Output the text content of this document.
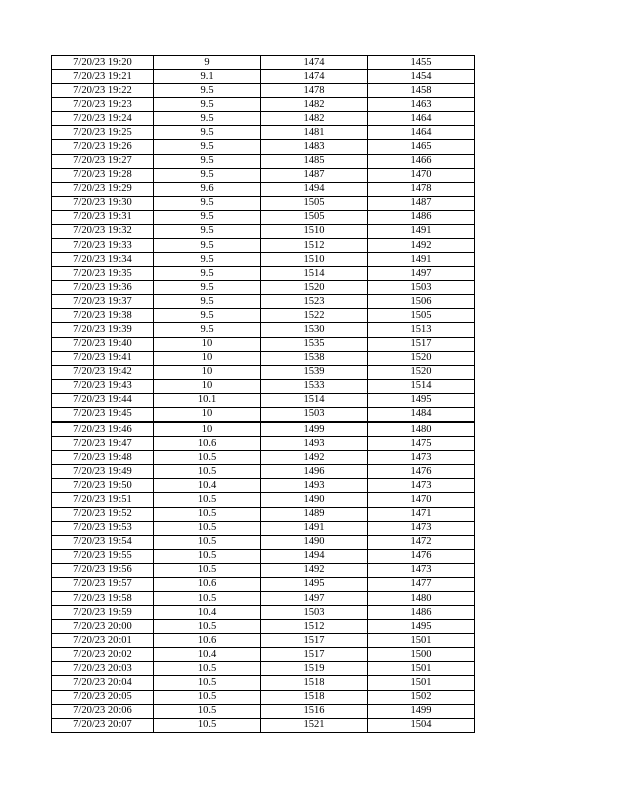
7/20/23 19:20	9	1474	1455
7/20/23 19:21	9.1	1474	1454
7/20/23 19:22	9.5	1478	1458
7/20/23 19:23	9.5	1482	1463
7/20/23 19:24	9.5	1482	1464
7/20/23 19:25	9.5	1481	1464
7/20/23 19:26	9.5	1483	1465
7/20/23 19:27	9.5	1485	1466
7/20/23 19:28	9.5	1487	1470
7/20/23 19:29	9.6	1494	1478
7/20/23 19:30	9.5	1505	1487
7/20/23 19:31	9.5	1505	1486
7/20/23 19:32	9.5	1510	1491
7/20/23 19:33	9.5	1512	1492
7/20/23 19:34	9.5	1510	1491
7/20/23 19:35	9.5	1514	1497
7/20/23 19:36	9.5	1520	1503
7/20/23 19:37	9.5	1523	1506
7/20/23 19:38	9.5	1522	1505
7/20/23 19:39	9.5	1530	1513
7/20/23 19:40	10	1535	1517
7/20/23 19:41	10	1538	1520
7/20/23 19:42	10	1539	1520
7/20/23 19:43	10	1533	1514
7/20/23 19:44	10.1	1514	1495
7/20/23 19:45	10	1503	1484
7/20/23 19:46	10	1499	1480
7/20/23 19:47	10.6	1493	1475
7/20/23 19:48	10.5	1492	1473
7/20/23 19:49	10.5	1496	1476
7/20/23 19:50	10.4	1493	1473
7/20/23 19:51	10.5	1490	1470
7/20/23 19:52	10.5	1489	1471
7/20/23 19:53	10.5	1491	1473
7/20/23 19:54	10.5	1490	1472
7/20/23 19:55	10.5	1494	1476
7/20/23 19:56	10.5	1492	1473
7/20/23 19:57	10.6	1495	1477
7/20/23 19:58	10.5	1497	1480
7/20/23 19:59	10.4	1503	1486
7/20/23 20:00	10.5	1512	1495
7/20/23 20:01	10.6	1517	1501
7/20/23 20:02	10.4	1517	1500
7/20/23 20:03	10.5	1519	1501
7/20/23 20:04	10.5	1518	1501
7/20/23 20:05	10.5	1518	1502
7/20/23 20:06	10.5	1516	1499
7/20/23 20:07	10.5	1521	1504
